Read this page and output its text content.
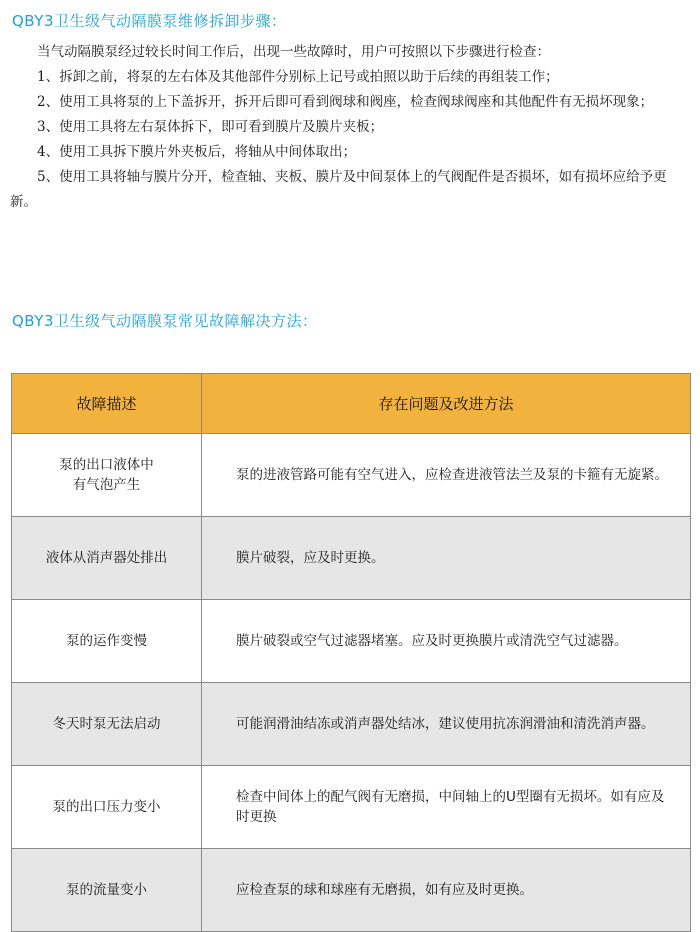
QBY3卫生级气动隔膜泵维修拆卸步骤：

当气动隔膜泵经过较长时间工作后，出现一些故障时，用户可按照以下步骤进行检查：

1、拆卸之前，将泵的左右体及其他部件分别标上记号或拍照以助于后续的再组装工作；

2、使用工具将泵的上下盖拆开，拆开后即可看到阀球和阀座，检查阀球阀座和其他配件有无损坏现象；

3、使用工具将左右泵体拆下，即可看到膜片及膜片夹板；

4、使用工具拆下膜片外夹板后，将轴从中间体取出；

5、使用工具将轴与膜片分开，检查轴、夹板、膜片及中间泵体上的气阀配件是否损坏，如有损坏应给予更新。

QBY3卫生级气动隔膜泵常见故障解决方法：
故障描述	存在问题及改进方法
泵的出口液体中有气泡产生	泵的进液管路可能有空气进入，应检查进液管法兰及泵的卡箍有无旋紧。
液体从消声器处排出	膜片破裂，应及时更换。
泵的运作变慢	膜片破裂或空气过滤器堵塞。应及时更换膜片或清洗空气过滤器。
冬天时泵无法启动	可能润滑油结冻或消声器处结冰，建议使用抗冻润滑油和清洗消声器。
泵的出口压力变小	检查中间体上的配气阀有无磨损，中间轴上的U型圈有无损坏。如有应及时更换
泵的流量变小	应检查泵的球和球座有无磨损，如有应及时更换。
